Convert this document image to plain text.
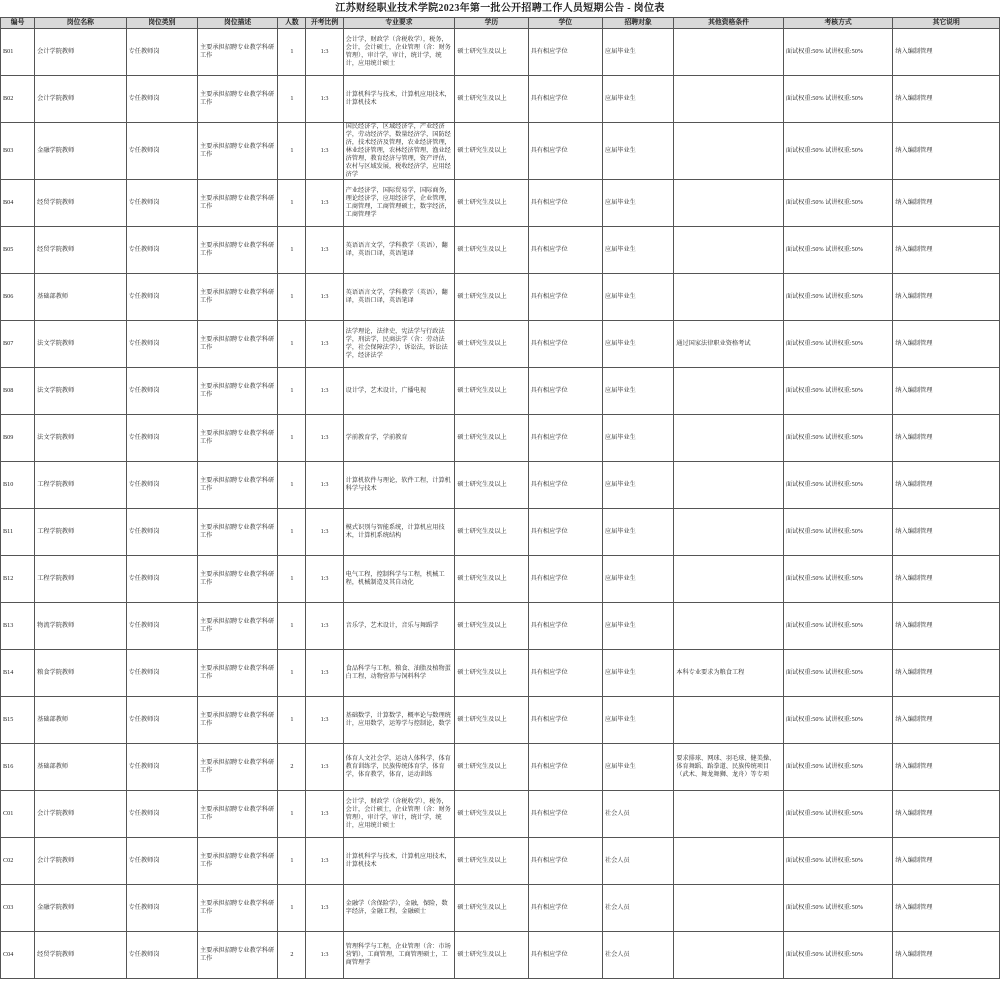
江苏财经职业技术学院2023年第一批公开招聘工作人员短期公告 - 岗位表
编号	岗位名称	岗位类别	岗位描述	人数	开考比例	专业要求	学历	学位	招聘对象	其他资格条件	考核方式	其它说明
B01	会计学院教师	专任教师岗	主要承担招聘专业教学科研工作	1	1:3	会计学，财政学（含税收学），税务，会计，会计硕士，企业管理（含：财务管理），审计学，审计，统计学，统计，应用统计硕士	硕士研究生及以上	具有相应学位	应届毕业生		面试权重:50% 试讲权重:50%	纳入编制管理
B02	会计学院教师	专任教师岗	主要承担招聘专业教学科研工作	1	1:3	计算机科学与技术，计算机应用技术，计算机技术	硕士研究生及以上	具有相应学位	应届毕业生		面试权重:50% 试讲权重:50%	纳入编制管理
B03	金融学院教师	专任教师岗	主要承担招聘专业教学科研工作	1	1:3	国民经济学，区域经济学，产业经济学，劳动经济学，数量经济学，国防经济，技术经济及管理，农业经济管理，林业经济管理，农林经济管理，渔业经济管理，教育经济与管理，资产评估，农村与区域发展，税收经济学，应用经济学	硕士研究生及以上	具有相应学位	应届毕业生		面试权重:50% 试讲权重:50%	纳入编制管理
B04	经贸学院教师	专任教师岗	主要承担招聘专业教学科研工作	1	1:3	产业经济学，国际贸易学，国际商务，理论经济学，应用经济学，企业管理，工商管理，工商管理硕士，数字经济，工商管理学	硕士研究生及以上	具有相应学位	应届毕业生		面试权重:50% 试讲权重:50%	纳入编制管理
B05	经贸学院教师	专任教师岗	主要承担招聘专业教学科研工作	1	1:3	英语语言文学，学科教学（英语），翻译，英语口译，英语笔译	硕士研究生及以上	具有相应学位	应届毕业生		面试权重:50% 试讲权重:50%	纳入编制管理
B06	基础部教师	专任教师岗	主要承担招聘专业教学科研工作	1	1:3	英语语言文学，学科教学（英语），翻译，英语口译，英语笔译	硕士研究生及以上	具有相应学位	应届毕业生		面试权重:50% 试讲权重:50%	纳入编制管理
B07	法文学院教师	专任教师岗	主要承担招聘专业教学科研工作	1	1:3	法学理论，法律史，宪法学与行政法学，刑法学，民商法学（含：劳动法学，社会保障法学），诉讼法，诉讼法学，经济法学	硕士研究生及以上	具有相应学位	应届毕业生	通过国家法律职业资格考试	面试权重:50% 试讲权重:50%	纳入编制管理
B08	法文学院教师	专任教师岗	主要承担招聘专业教学科研工作	1	1:3	设计学，艺术设计，广播电视	硕士研究生及以上	具有相应学位	应届毕业生		面试权重:50% 试讲权重:50%	纳入编制管理
B09	法文学院教师	专任教师岗	主要承担招聘专业教学科研工作	1	1:3	学前教育学，学前教育	硕士研究生及以上	具有相应学位	应届毕业生		面试权重:50% 试讲权重:50%	纳入编制管理
B10	工程学院教师	专任教师岗	主要承担招聘专业教学科研工作	1	1:3	计算机软件与理论，软件工程，计算机科学与技术	硕士研究生及以上	具有相应学位	应届毕业生		面试权重:50% 试讲权重:50%	纳入编制管理
B11	工程学院教师	专任教师岗	主要承担招聘专业教学科研工作	1	1:3	模式识别与智能系统，计算机应用技术，计算机系统结构	硕士研究生及以上	具有相应学位	应届毕业生		面试权重:50% 试讲权重:50%	纳入编制管理
B12	工程学院教师	专任教师岗	主要承担招聘专业教学科研工作	1	1:3	电气工程，控制科学与工程，机械工程，机械制造及其自动化	硕士研究生及以上	具有相应学位	应届毕业生		面试权重:50% 试讲权重:50%	纳入编制管理
B13	物流学院教师	专任教师岗	主要承担招聘专业教学科研工作	1	1:3	音乐学，艺术设计，音乐与舞蹈学	硕士研究生及以上	具有相应学位	应届毕业生		面试权重:50% 试讲权重:50%	纳入编制管理
B14	粮食学院教师	专任教师岗	主要承担招聘专业教学科研工作	1	1:3	食品科学与工程，粮食、油脂及植物蛋白工程，动物营养与饲料科学	硕士研究生及以上	具有相应学位	应届毕业生	本科专业要求为粮食工程	面试权重:50% 试讲权重:50%	纳入编制管理
B15	基础部教师	专任教师岗	主要承担招聘专业教学科研工作	1	1:3	基础数学，计算数学，概率论与数理统计，应用数学，运筹学与控制论，数学	硕士研究生及以上	具有相应学位	应届毕业生		面试权重:50% 试讲权重:50%	纳入编制管理
B16	基础部教师	专任教师岗	主要承担招聘专业教学科研工作	2	1:3	体育人文社会学，运动人体科学，体育教育训练学，民族传统体育学，体育学，体育教学，体育，运动训练	硕士研究生及以上	具有相应学位	应届毕业生	要求排球、网球、羽毛球、健美操、体育舞蹈、跆拳道、民族传统项目（武术、舞龙舞狮、龙舟）等专项	面试权重:50% 试讲权重:50%	纳入编制管理
C01	会计学院教师	专任教师岗	主要承担招聘专业教学科研工作	1	1:3	会计学，财政学（含税收学），税务，会计，会计硕士，企业管理（含：财务管理），审计学，审计，统计学，统计，应用统计硕士	硕士研究生及以上	具有相应学位	社会人员		面试权重:50% 试讲权重:50%	纳入编制管理
C02	会计学院教师	专任教师岗	主要承担招聘专业教学科研工作	1	1:3	计算机科学与技术，计算机应用技术，计算机技术	硕士研究生及以上	具有相应学位	社会人员		面试权重:50% 试讲权重:50%	纳入编制管理
C03	金融学院教师	专任教师岗	主要承担招聘专业教学科研工作	1	1:3	金融学（含保险学），金融，保险，数字经济，金融工程，金融硕士	硕士研究生及以上	具有相应学位	社会人员		面试权重:50% 试讲权重:50%	纳入编制管理
C04	经贸学院教师	专任教师岗	主要承担招聘专业教学科研工作	2	1:3	管理科学与工程，企业管理（含：市场营销），工商管理，工商管理硕士，工商管理学	硕士研究生及以上	具有相应学位	社会人员		面试权重:50% 试讲权重:50%	纳入编制管理
